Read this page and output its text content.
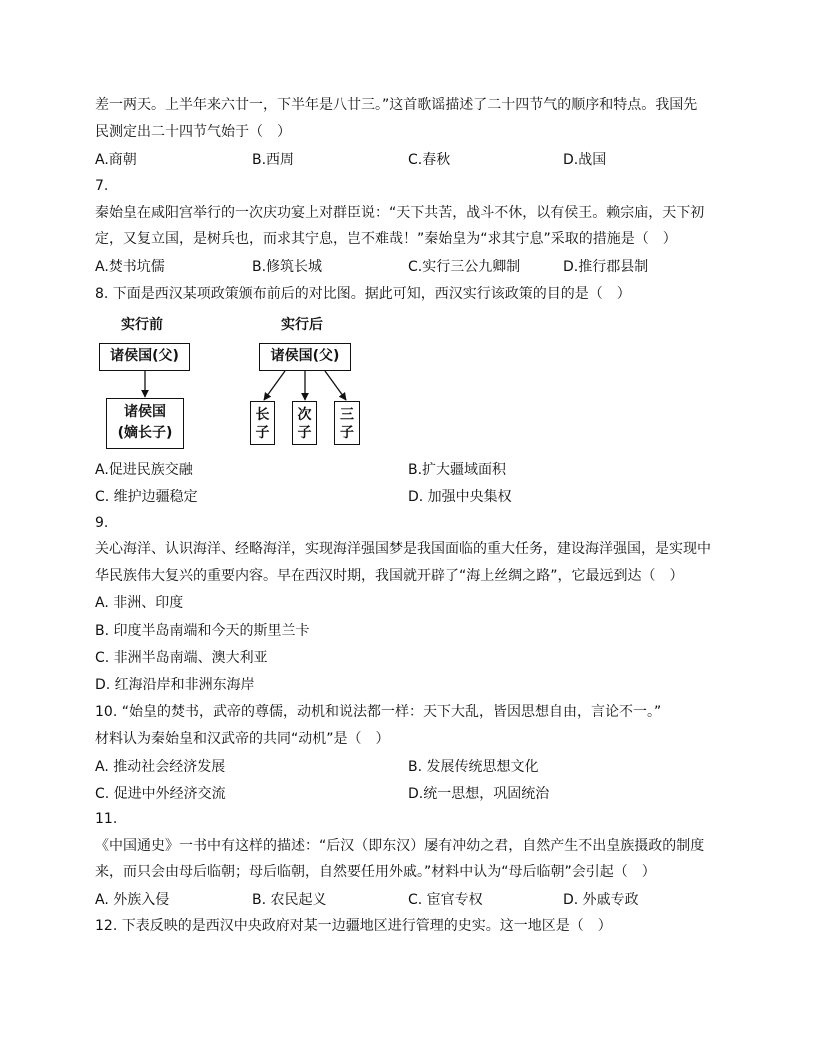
差一两天。上半年来六廿一，下半年是八廿三。”这首歌谣描述了二十四节气的顺序和特点。我国先
民测定出二十四节气始于（　）
A.商朝	B.西周	C.春秋	D.战国
7.
秦始皇在咸阳宫举行的一次庆功宴上对群臣说：“天下共苦，战斗不休，以有侯王。赖宗庙，天下初
定，又复立国，是树兵也，而求其宁息，岂不难哉！”秦始皇为“求其宁息”采取的措施是（　）
A.焚书坑儒	B.修筑长城	C.实行三公九卿制	D.推行郡县制
8. 下面是西汉某项政策颁布前后的对比图。据此可知，西汉实行该政策的目的是（　）
实行前	实行后
诸侯国(父)
诸侯国
(嫡长子)
诸侯国(父)
长
子
次
子
三
子
A.促进民族交融	B.扩大疆域面积
C. 维护边疆稳定	D. 加强中央集权
9.
关心海洋、认识海洋、经略海洋，实现海洋强国梦是我国面临的重大任务，建设海洋强国，是实现中
华民族伟大复兴的重要内容。早在西汉时期，我国就开辟了“海上丝绸之路”，它最远到达（　）
A. 非洲、印度
B. 印度半岛南端和今天的斯里兰卡
C. 非洲半岛南端、澳大利亚
D. 红海沿岸和非洲东海岸
10. “始皇的焚书，武帝的尊儒，动机和说法都一样：天下大乱，皆因思想自由，言论不一。”
材料认为秦始皇和汉武帝的共同“动机”是（　）
A. 推动社会经济发展	B. 发展传统思想文化
C. 促进中外经济交流	D.统一思想，巩固统治
11.
《中国通史》一书中有这样的描述：“后汉（即东汉）屡有冲幼之君，自然产生不出皇族摄政的制度
来，而只会由母后临朝；母后临朝，自然要任用外戚。”材料中认为“母后临朝”会引起（　）
A. 外族入侵	B. 农民起义	C. 宦官专权	D. 外戚专政
12. 下表反映的是西汉中央政府对某一边疆地区进行管理的史实。这一地区是（　）
